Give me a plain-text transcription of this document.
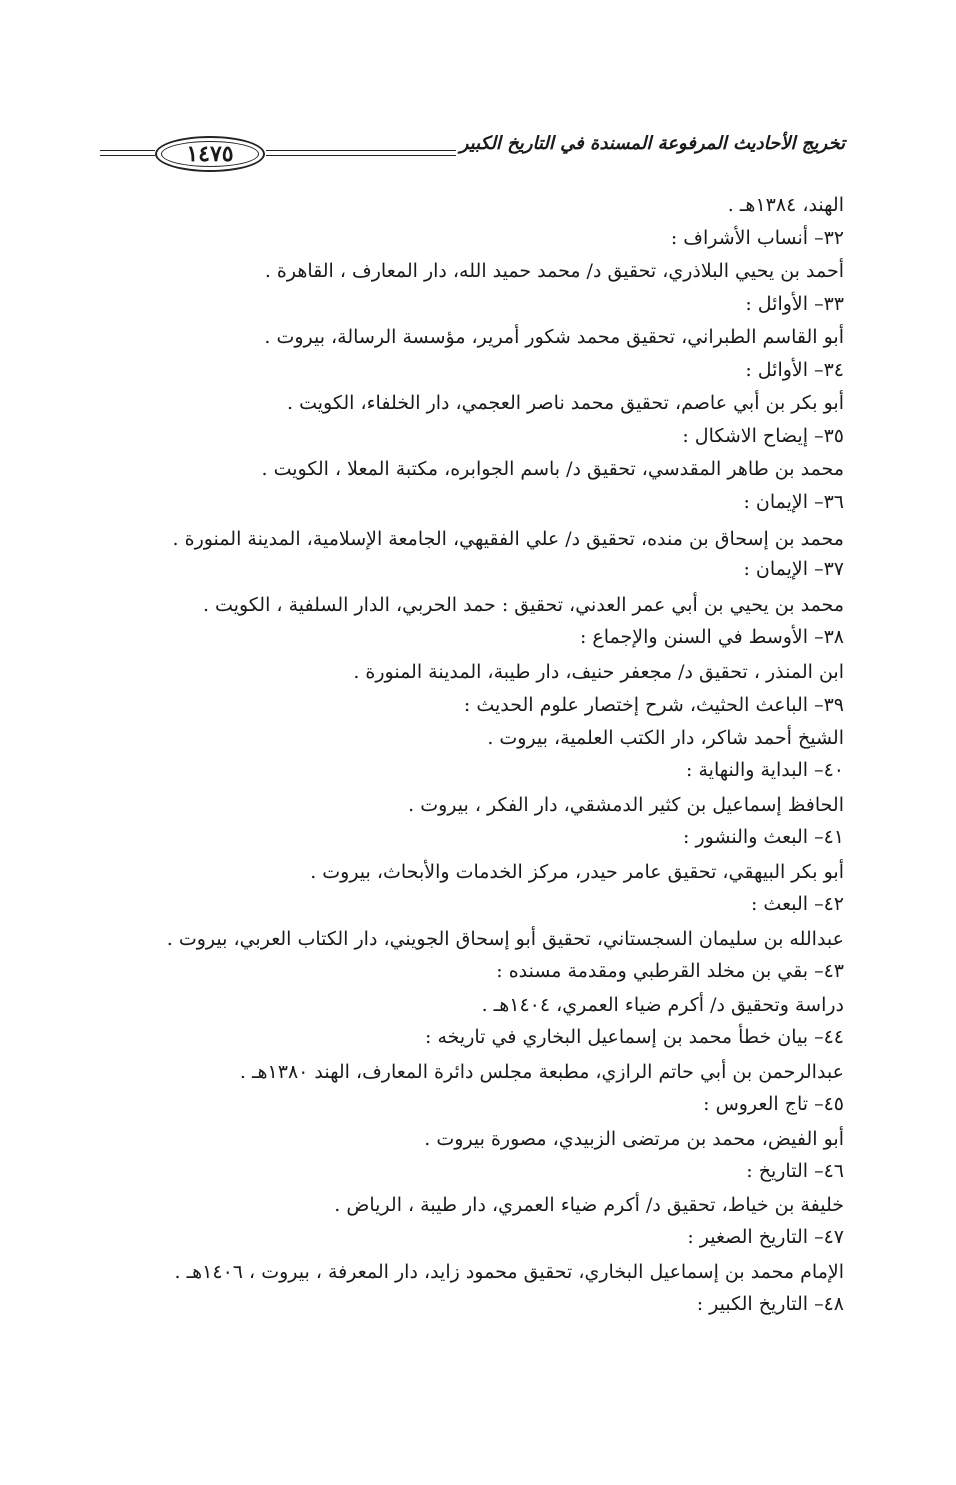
١٤٧٥	تخريج الأحاديث المرفوعة المسندة في التاريخ الكبير
الهند، ١٣٨٤هـ .
٣٢– أنساب الأشراف :
أحمد بن يحيي البلاذري، تحقيق د/ محمد حميد الله، دار المعارف ، القاهرة .
٣٣– الأوائل :
أبو القاسم الطبراني، تحقيق محمد شكور أمرير، مؤسسة الرسالة، بيروت .
٣٤– الأوائل :
أبو بكر بن أبي عاصم، تحقيق محمد ناصر العجمي، دار الخلفاء، الكويت .
٣٥– إيضاح الاشكال :
محمد بن طاهر المقدسي، تحقيق د/ باسم الجوابره، مكتبة المعلا ، الكويت .
٣٦– الإيمان :
محمد بن إسحاق بن منده، تحقيق د/ علي الفقيهي، الجامعة الإسلامية، المدينة المنورة .
٣٧– الإيمان :
محمد بن يحيي بن أبي عمر العدني، تحقيق : حمد الحربي، الدار السلفية ، الكويت .
٣٨– الأوسط في السنن والإجماع :
ابن المنذر ، تحقيق د/ مجعفر حنيف، دار طيبة، المدينة المنورة .
٣٩– الباعث الحثيث، شرح إختصار علوم الحديث :
الشيخ أحمد شاكر، دار الكتب العلمية، بيروت .
٤٠– البداية والنهاية :
الحافظ إسماعيل بن كثير الدمشقي، دار الفكر ، بيروت .
٤١– البعث والنشور :
أبو بكر البيهقي، تحقيق عامر حيدر، مركز الخدمات والأبحاث، بيروت .
٤٢– البعث :
عبدالله بن سليمان السجستاني، تحقيق أبو إسحاق الجويني، دار الكتاب العربي، بيروت .
٤٣– بقي بن مخلد القرطبي ومقدمة مسنده :
دراسة وتحقيق د/ أكرم ضياء العمري، ١٤٠٤هـ .
٤٤– بيان خطأ محمد بن إسماعيل البخاري في تاريخه :
عبدالرحمن بن أبي حاتم الرازي، مطبعة مجلس دائرة المعارف، الهند ١٣٨٠هـ .
٤٥– تاج العروس :
أبو الفيض، محمد بن مرتضى الزبيدي، مصورة بيروت .
٤٦– التاريخ :
خليفة بن خياط، تحقيق د/ أكرم ضياء العمري، دار طيبة ، الرياض .
٤٧– التاريخ الصغير :
الإمام محمد بن إسماعيل البخاري، تحقيق محمود زايد، دار المعرفة ، بيروت ، ١٤٠٦هـ .
٤٨– التاريخ الكبير :
